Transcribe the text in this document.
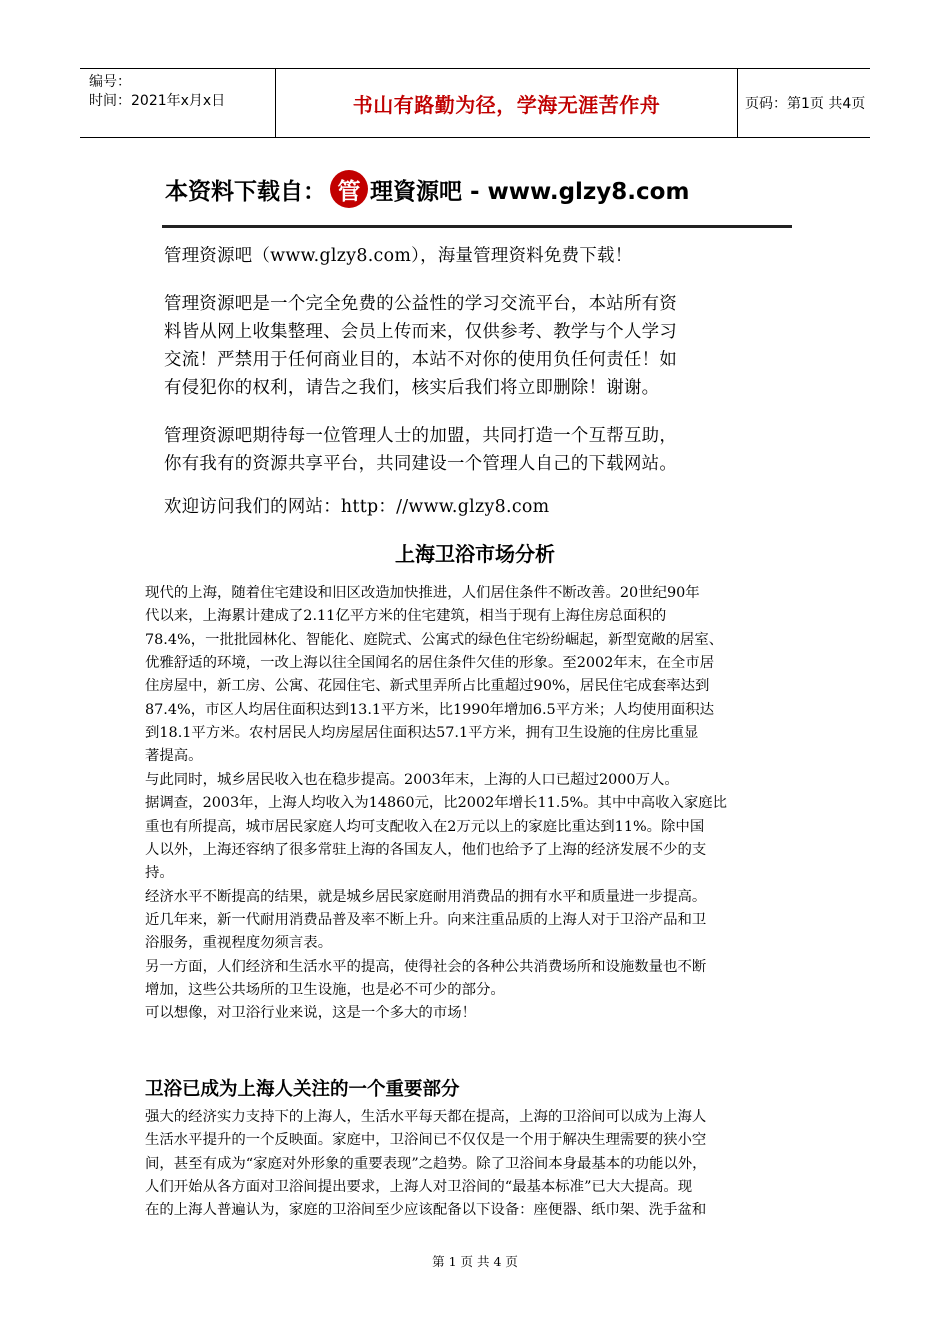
编号：
时间：2021年x月x日	书山有路勤为径，学海无涯苦作舟	页码：第1页 共4页
本资料下载自： 管 理資源吧 - www.glzy8.com
管理资源吧（www.glzy8.com），海量管理资料免费下载！
管理资源吧是一个完全免费的公益性的学习交流平台，本站所有资
料皆从网上收集整理、会员上传而来，仅供参考、教学与个人学习
交流！严禁用于任何商业目的，本站不对你的使用负任何责任！如
有侵犯你的权利，请告之我们，核实后我们将立即删除！谢谢。
管理资源吧期待每一位管理人士的加盟，共同打造一个互帮互助，
你有我有的资源共享平台，共同建设一个管理人自己的下载网站。
欢迎访问我们的网站：http：//www.glzy8.com
上海卫浴市场分析
现代的上海，随着住宅建设和旧区改造加快推进，人们居住条件不断改善。20世纪90年
代以来，上海累计建成了2.11亿平方米的住宅建筑，相当于现有上海住房总面积的
78.4%，一批批园林化、智能化、庭院式、公寓式的绿色住宅纷纷崛起，新型宽敞的居室、
优雅舒适的环境，一改上海以往全国闻名的居住条件欠佳的形象。至2002年末，在全市居
住房屋中，新工房、公寓、花园住宅、新式里弄所占比重超过90%，居民住宅成套率达到
87.4%，市区人均居住面积达到13.1平方米，比1990年增加6.5平方米；人均使用面积达
到18.1平方米。农村居民人均房屋居住面积达57.1平方米，拥有卫生设施的住房比重显
著提高。
与此同时，城乡居民收入也在稳步提高。2003年末，上海的人口已超过2000万人。
据调查，2003年，上海人均收入为14860元，比2002年增长11.5%。其中中高收入家庭比
重也有所提高，城市居民家庭人均可支配收入在2万元以上的家庭比重达到11%。除中国
人以外，上海还容纳了很多常驻上海的各国友人，他们也给予了上海的经济发展不少的支
持。
经济水平不断提高的结果，就是城乡居民家庭耐用消费品的拥有水平和质量进一步提高。
近几年来，新一代耐用消费品普及率不断上升。向来注重品质的上海人对于卫浴产品和卫
浴服务，重视程度勿须言表。
另一方面，人们经济和生活水平的提高，使得社会的各种公共消费场所和设施数量也不断
增加，这些公共场所的卫生设施，也是必不可少的部分。
可以想像，对卫浴行业来说，这是一个多大的市场！
卫浴已成为上海人关注的一个重要部分
强大的经济实力支持下的上海人，生活水平每天都在提高，上海的卫浴间可以成为上海人
生活水平提升的一个反映面。家庭中，卫浴间已不仅仅是一个用于解决生理需要的狭小空
间，甚至有成为“家庭对外形象的重要表现”之趋势。除了卫浴间本身最基本的功能以外，
人们开始从各方面对卫浴间提出要求，上海人对卫浴间的“最基本标准”已大大提高。现
在的上海人普遍认为，家庭的卫浴间至少应该配备以下设备：座便器、纸巾架、洗手盆和
第 1 页 共 4 页
